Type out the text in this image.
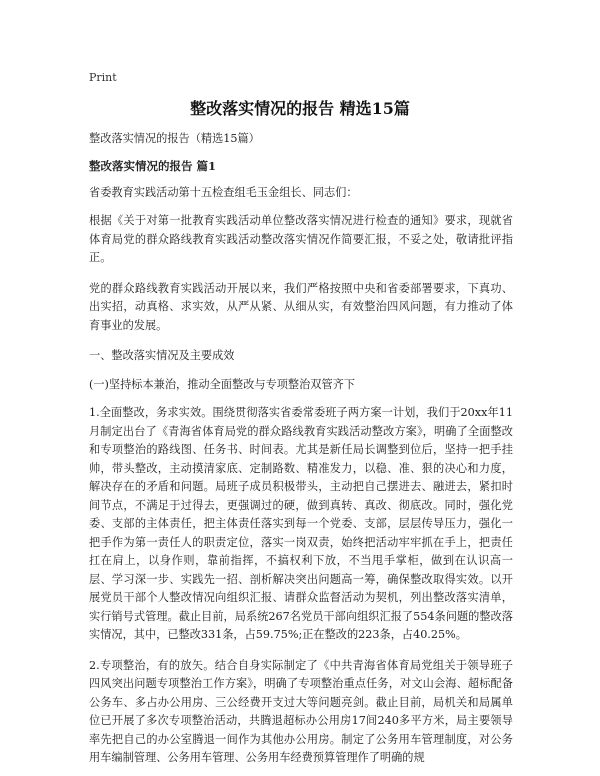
Print
整改落实情况的报告 精选15篇

整改落实情况的报告（精选15篇）

整改落实情况的报告 篇1

省委教育实践活动第十五检查组毛玉金组长、同志们：

根据《关于对第一批教育实践活动单位整改落实情况进行检查的通知》要求，现就省体育局党的群众路线教育实践活动整改落实情况作简要汇报，不妥之处，敬请批评指正。

党的群众路线教育实践活动开展以来，我们严格按照中央和省委部署要求，下真功、出实招，动真格、求实效，从严从紧、从细从实，有效整治四风问题，有力推动了体育事业的发展。

一、整改落实情况及主要成效

(一)坚持标本兼治，推动全面整改与专项整治双管齐下

1.全面整改，务求实效。围绕贯彻落实省委常委班子两方案一计划，我们于20xx年11月制定出台了《青海省体育局党的群众路线教育实践活动整改方案》，明确了全面整改和专项整治的路线图、任务书、时间表。尤其是新任局长调整到位后，坚持一把手挂帅，带头整改，主动摸清家底、定制路数、精准发力，以稳、准、狠的决心和力度，解决存在的矛盾和问题。局班子成员积极带头，主动把自己摆进去、融进去，紧扣时间节点，不满足于过得去，更强调过的硬，做到真转、真改、彻底改。同时，强化党委、支部的主体责任，把主体责任落实到每一个党委、支部，层层传导压力，强化一把手作为第一责任人的职责定位，落实一岗双责，始终把活动牢牢抓在手上，把责任扛在肩上，以身作则，靠前指挥，不搞权利下放，不当甩手掌柜，做到在认识高一层、学习深一步、实践先一招、剖析解决突出问题高一筹，确保整改取得实效。以开展党员干部个人整改情况向组织汇报、请群众监督活动为契机，列出整改落实清单，实行销号式管理。截止目前，局系统267名党员干部向组织汇报了554条问题的整改落实情况，其中，已整改331条，占59.75%;正在整改的223条，占40.25%。

2.专项整治，有的放矢。结合自身实际制定了《中共青海省体育局党组关于领导班子四风突出问题专项整治工作方案》，明确了专项整治重点任务，对文山会海、超标配备公务车、多占办公用房、三公经费开支过大等问题亮剑。截止目前，局机关和局属单位已开展了多次专项整治活动，共腾退超标办公用房17间240多平方米，局主要领导率先把自己的办公室腾退一间作为其他办公用房。制定了公务用车管理制度，对公务用车编制管理、公务用车管理、公务用车经费预算管理作了明确的规
